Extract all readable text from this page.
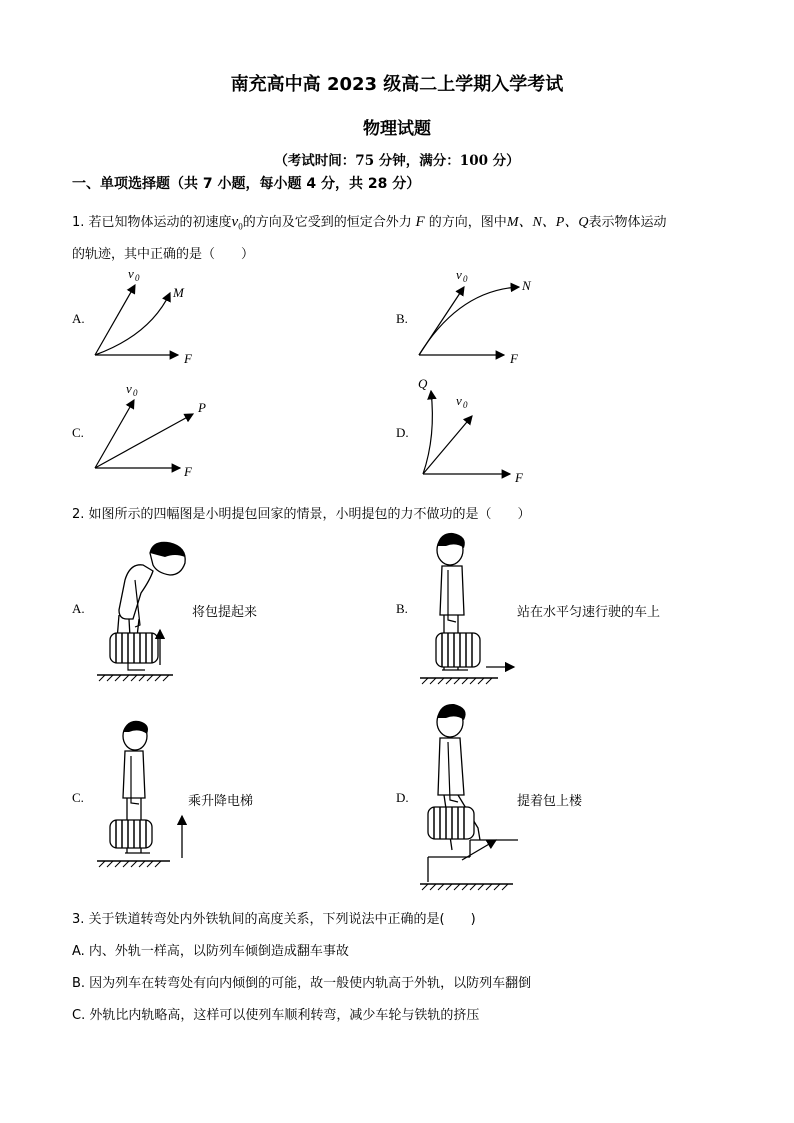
南充高中高 2023 级高二上学期入学考试
物理试题
（考试时间：75 分钟，满分：100 分）
一、单项选择题（共 7 小题，每小题 4 分，共 28 分）
1. 若已知物体运动的初速度$v_0$的方向及它受到的恒定合外力 F 的方向，图中M、N、P、Q表示物体运动
的轨迹，其中正确的是（　　）
A.	B.
C.	D.
F
v 0
M
F
v 0	N
F
v 0
P
F
v 0
Q
2. 如图所示的四幅图是小明提包回家的情景，小明提包的力不做功的是（　　）
A.	将包提起来	B.	站在水平匀速行驶的车上
C.	乘升降电梯	D.	提着包上楼
3. 关于铁道转弯处内外铁轨间的高度关系，下列说法中正确的是(　　)
A. 内、外轨一样高，以防列车倾倒造成翻车事故
B. 因为列车在转弯处有向内倾倒的可能，故一般使内轨高于外轨，以防列车翻倒
C. 外轨比内轨略高，这样可以使列车顺利转弯，减少车轮与铁轨的挤压
